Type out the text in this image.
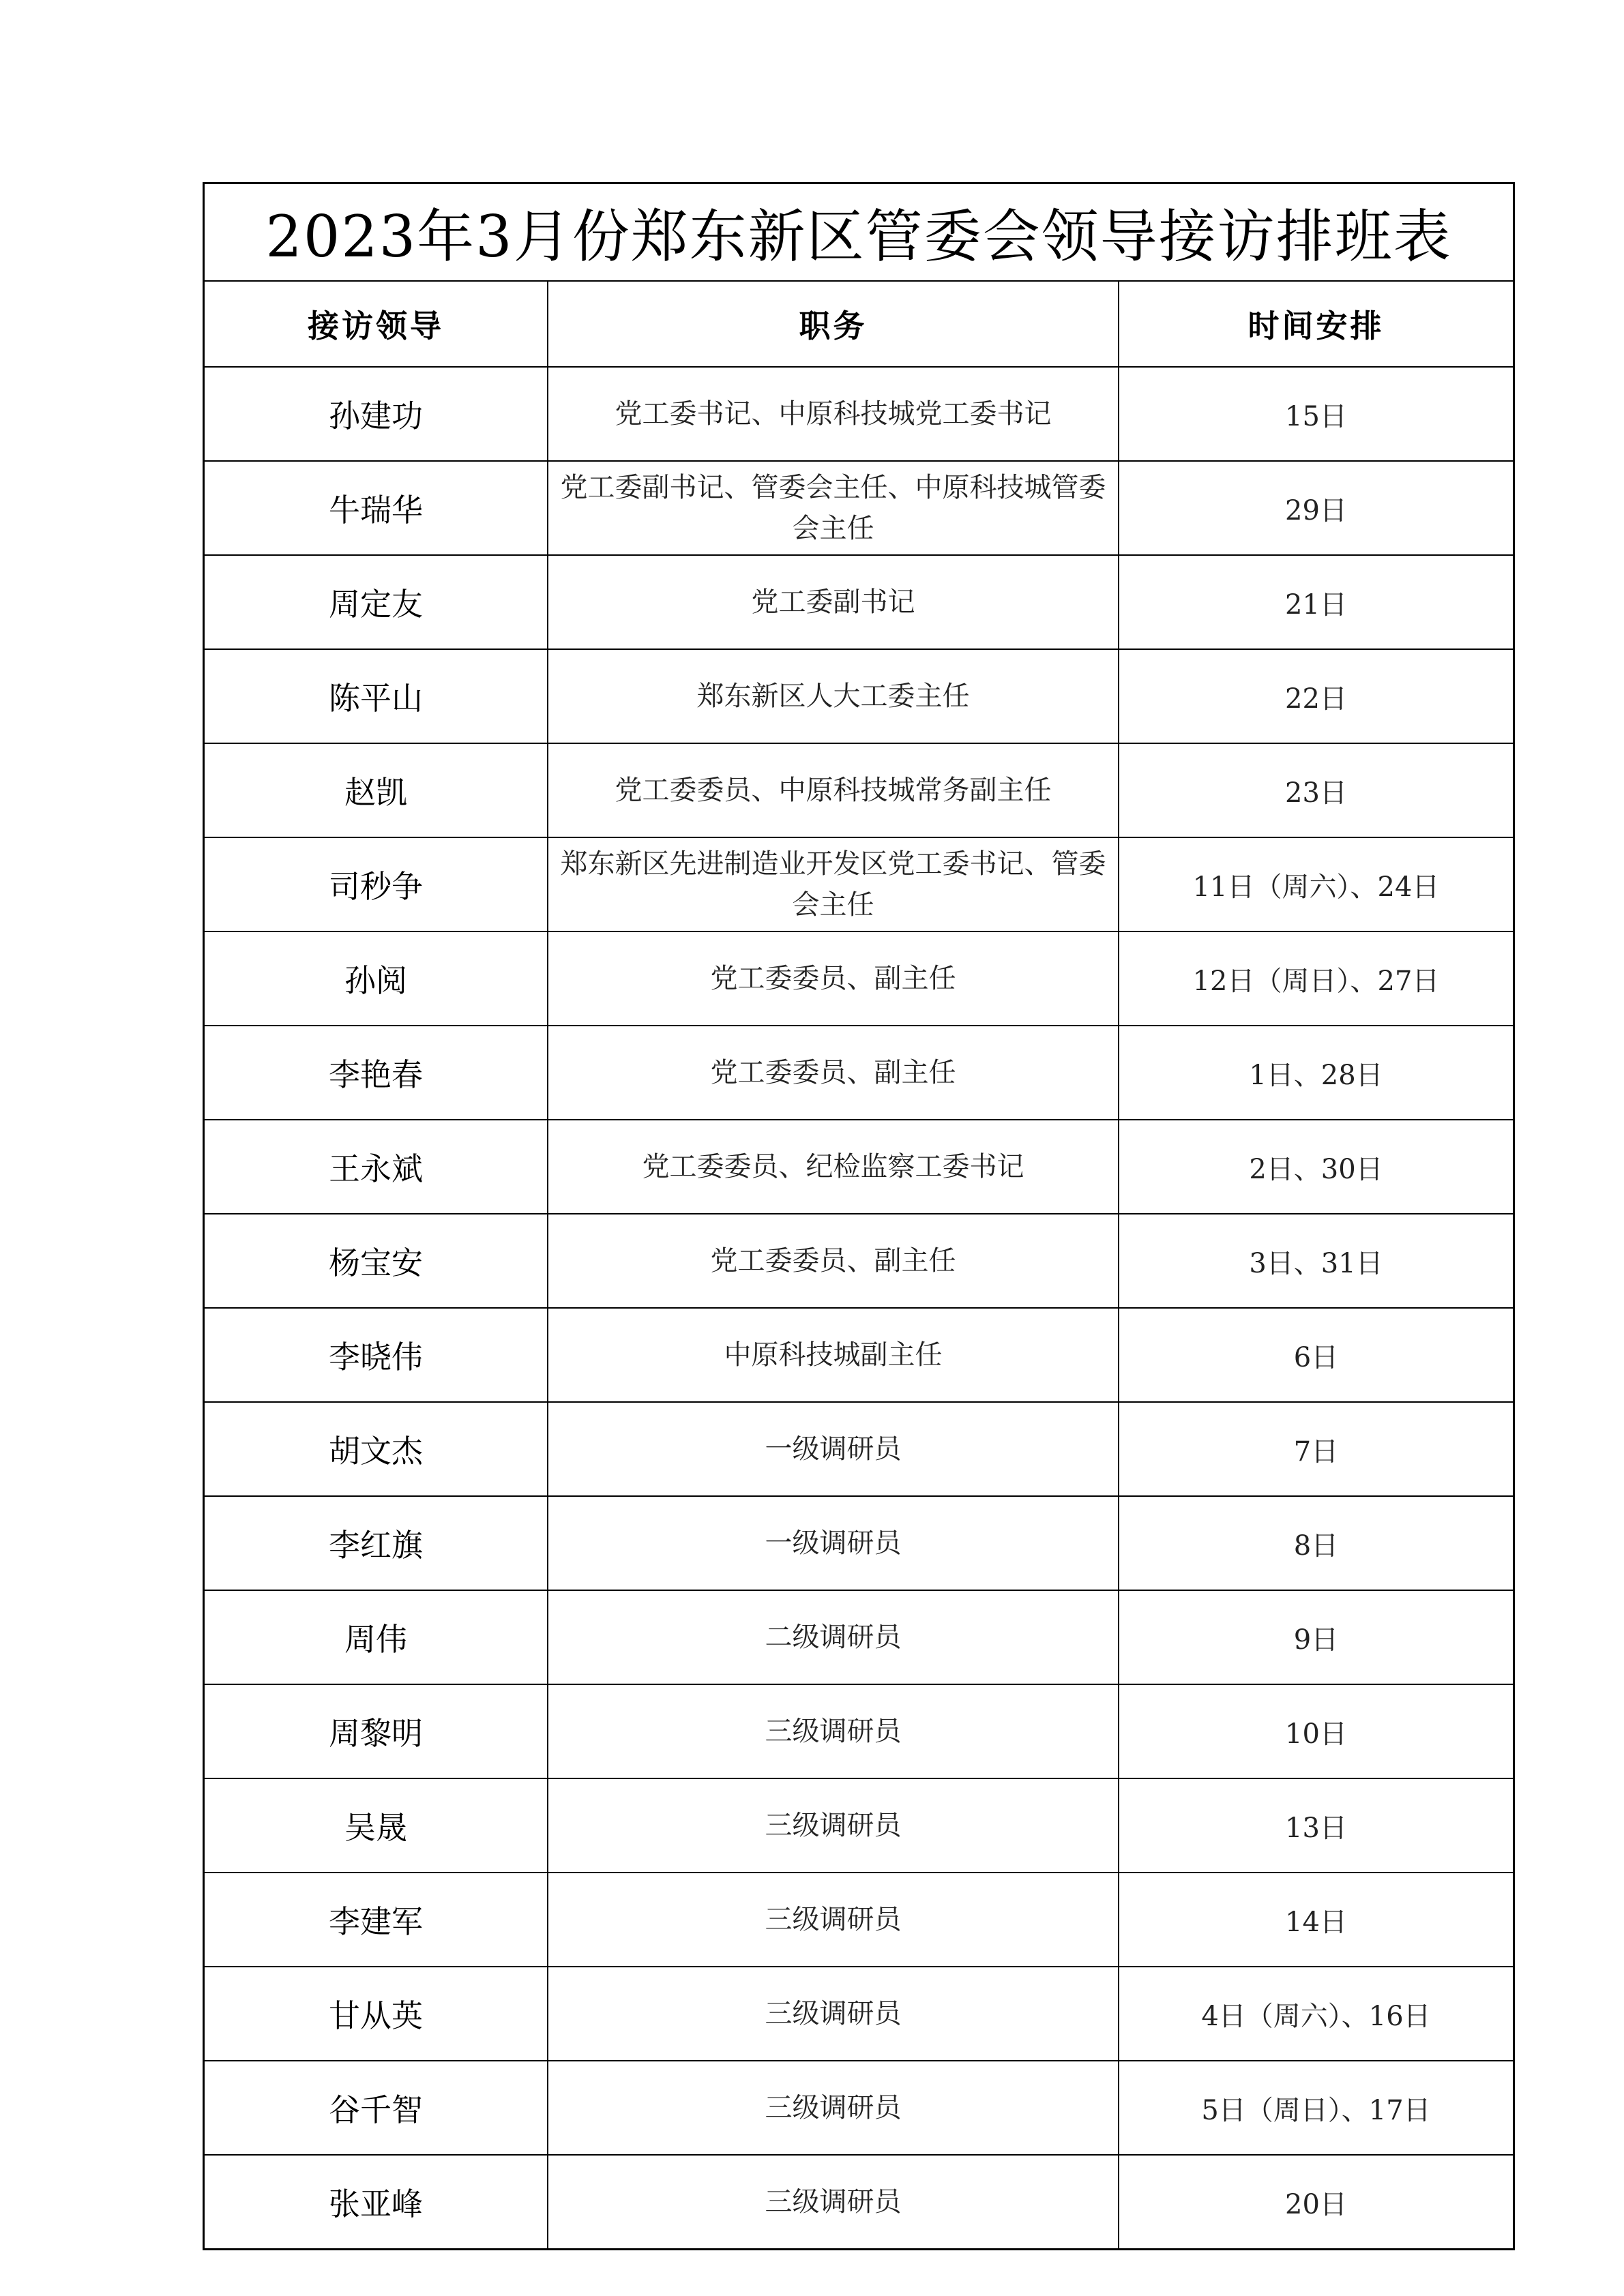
2023年3月份郑东新区管委会领导接访排班表
接访领导	职务	时间安排
孙建功	党工委书记、中原科技城党工委书记	15日
牛瑞华	党工委副书记、管委会主任、中原科技城管委会主任	29日
周定友	党工委副书记	21日
陈平山	郑东新区人大工委主任	22日
赵凯	党工委委员、中原科技城常务副主任	23日
司秒争	郑东新区先进制造业开发区党工委书记、管委会主任	11日（周六）、24日
孙阅	党工委委员、副主任	12日（周日）、27日
李艳春	党工委委员、副主任	1日、28日
王永斌	党工委委员、纪检监察工委书记	2日、30日
杨宝安	党工委委员、副主任	3日、31日
李晓伟	中原科技城副主任	6日
胡文杰	一级调研员	7日
李红旗	一级调研员	8日
周伟	二级调研员	9日
周黎明	三级调研员	10日
吴晟	三级调研员	13日
李建军	三级调研员	14日
甘从英	三级调研员	4日（周六）、16日
谷千智	三级调研员	5日（周日）、17日
张亚峰	三级调研员	20日
